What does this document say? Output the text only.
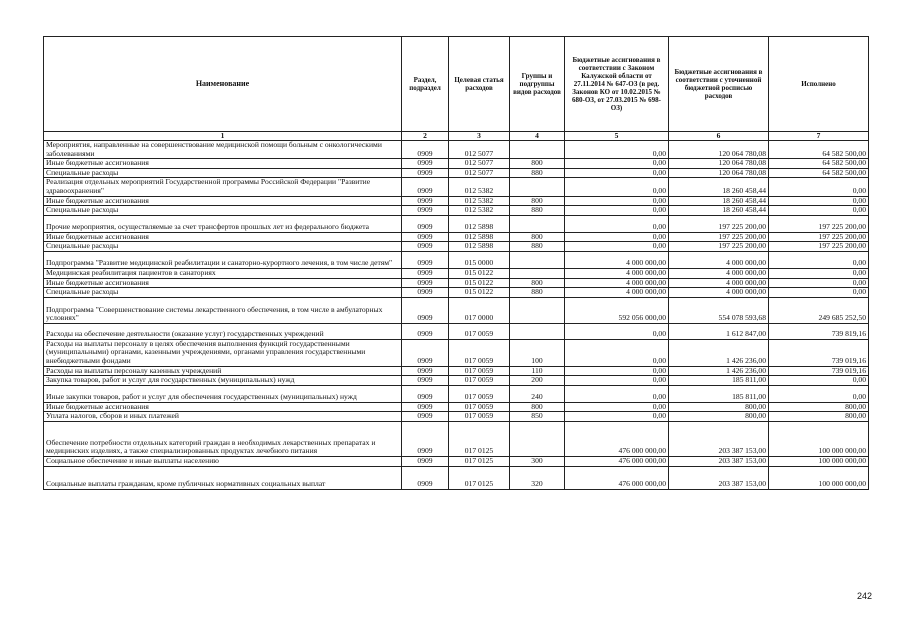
Наименование	Раздел, подраздел	Целевая статья расходов	Группы и подгруппы видов расходов	Бюджетные ассигнования в соответствии с Законом Калужской области от 27.11.2014 № 647-ОЗ (в ред. Законов КО от 10.02.2015 № 680-ОЗ, от 27.03.2015 № 698-ОЗ)	Бюджетные ассигнования в соответствии с уточненной бюджетной росписью расходов	Исполнено
1	2	3	4	5	6	7
Мероприятия, направленные на совершенствование медицинской помощи больным с онкологическими заболеваниями	0909	012 5077		0,00	120 064 780,08	64 582 500,00
Иные бюджетные ассигнования	0909	012 5077	800	0,00	120 064 780,08	64 582 500,00
Специальные расходы	0909	012 5077	880	0,00	120 064 780,08	64 582 500,00
Реализация отдельных мероприятий Государственной программы Российской Федерации "Развитие здравоохранения"	0909	012 5382		0,00	18 260 458,44	0,00
Иные бюджетные ассигнования	0909	012 5382	800	0,00	18 260 458,44	0,00
Специальные расходы	0909	012 5382	880	0,00	18 260 458,44	0,00
Прочие мероприятия, осуществляемые за счет трансфертов прошлых лет из федерального бюджета	0909	012 5898		0,00	197 225 200,00	197 225 200,00
Иные бюджетные ассигнования	0909	012 5898	800	0,00	197 225 200,00	197 225 200,00
Специальные расходы	0909	012 5898	880	0,00	197 225 200,00	197 225 200,00
Подпрограмма "Развитие медицинской реабилитации и санаторно-курортного лечения, в том числе детям"	0909	015 0000		4 000 000,00	4 000 000,00	0,00
Медицинская реабилитация пациентов в санаториях	0909	015 0122		4 000 000,00	4 000 000,00	0,00
Иные бюджетные ассигнования	0909	015 0122	800	4 000 000,00	4 000 000,00	0,00
Специальные расходы	0909	015 0122	880	4 000 000,00	4 000 000,00	0,00
Подпрограмма "Совершенствование системы лекарственного обеспечения, в том числе в амбулаторных условиях"	0909	017 0000		592 056 000,00	554 078 593,68	249 685 252,50
Расходы на обеспечение деятельности (оказание услуг) государственных учреждений	0909	017 0059		0,00	1 612 847,00	739 819,16
Расходы на выплаты персоналу в целях обеспечения выполнения функций государственными (муниципальными) органами, казенными учреждениями, органами управления государственными внебюджетными фондами	0909	017 0059	100	0,00	1 426 236,00	739 019,16
Расходы на выплаты персоналу казенных учреждений	0909	017 0059	110	0,00	1 426 236,00	739 019,16
Закупка товаров, работ и услуг для государственных (муниципальных) нужд	0909	017 0059	200	0,00	185 811,00	0,00
Иные закупки товаров, работ и услуг для обеспечения государственных (муниципальных) нужд	0909	017 0059	240	0,00	185 811,00	0,00
Иные бюджетные ассигнования	0909	017 0059	800	0,00	800,00	800,00
Уплата налогов, сборов и иных платежей	0909	017 0059	850	0,00	800,00	800,00
Обеспечение потребности отдельных категорий граждан в необходимых лекарственных препаратах и медицинских изделиях, а также специализированных продуктах лечебного питания	0909	017 0125		476 000 000,00	203 387 153,00	100 000 000,00
Социальное обеспечение и иные выплаты населению	0909	017 0125	300	476 000 000,00	203 387 153,00	100 000 000,00
Социальные выплаты гражданам, кроме публичных нормативных социальных выплат	0909	017 0125	320	476 000 000,00	203 387 153,00	100 000 000,00
242
